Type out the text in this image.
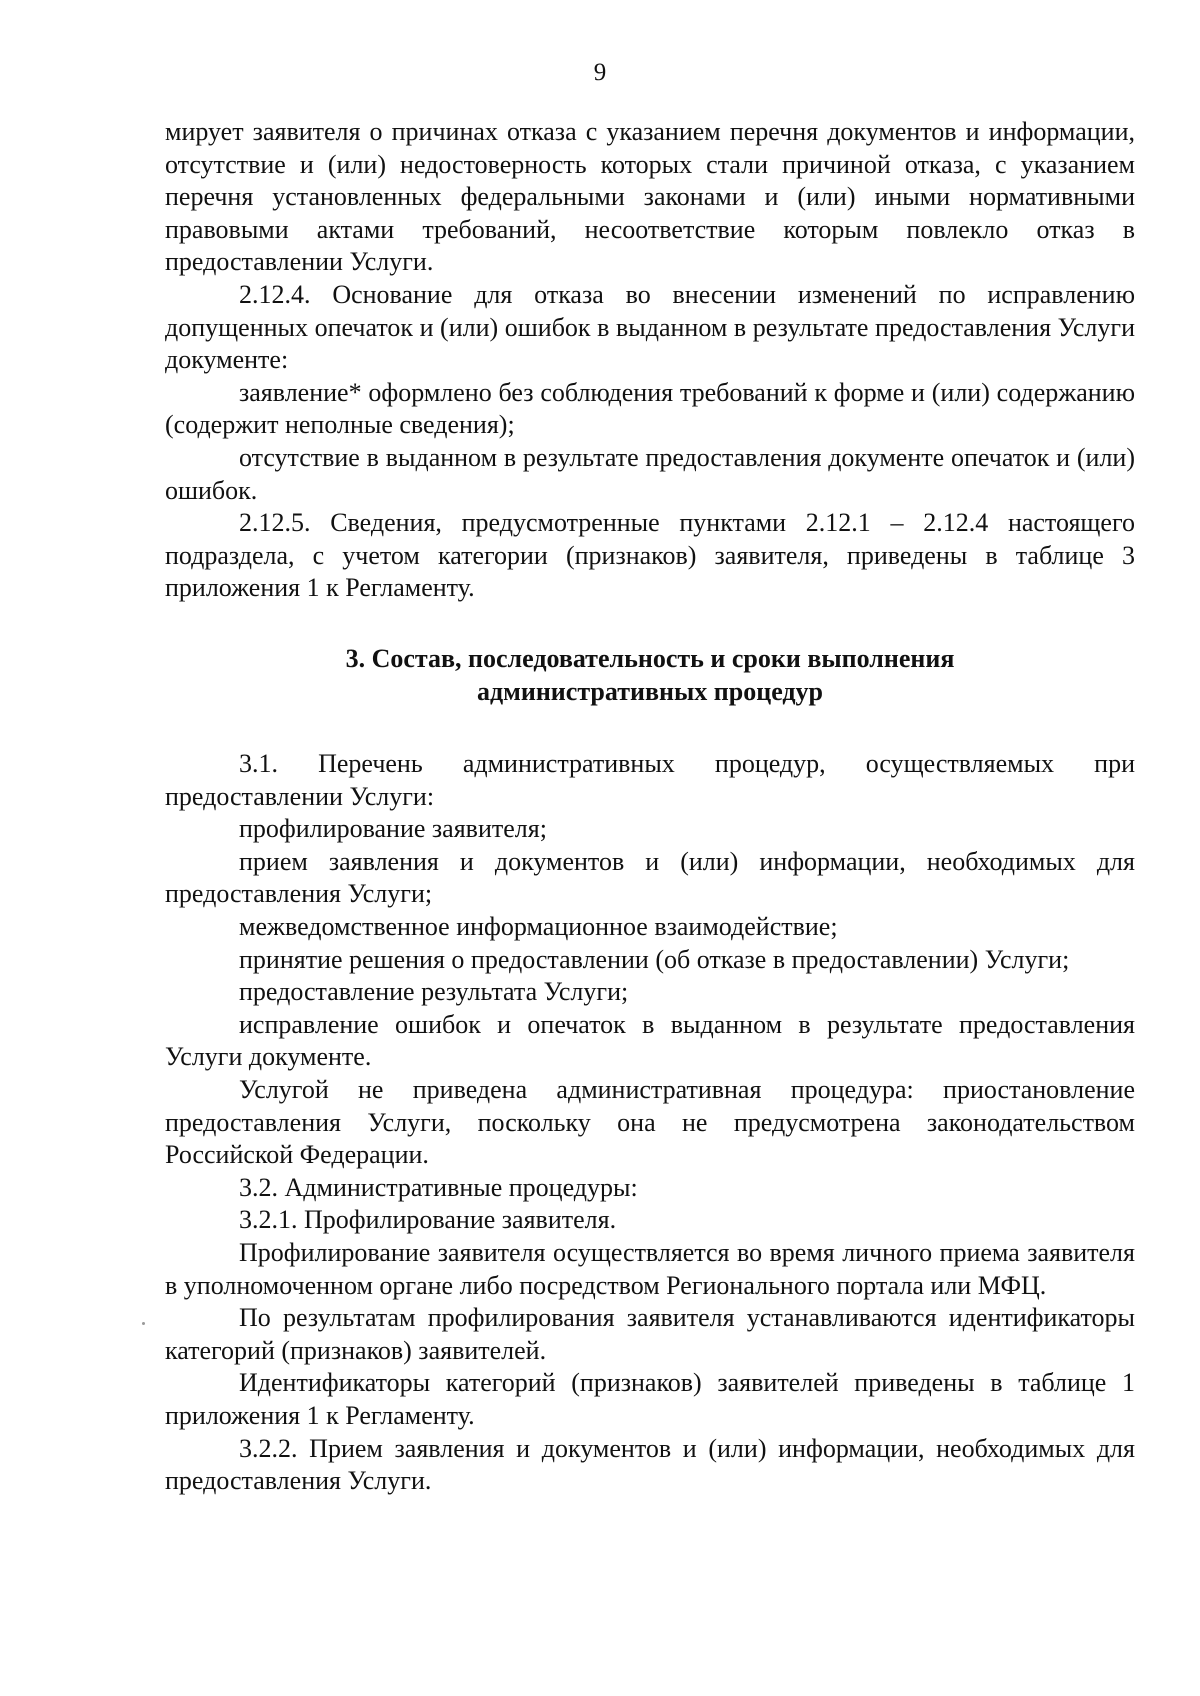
9

мирует заявителя о причинах отказа с указанием перечня документов и информации, отсутствие и (или) недостоверность которых стали причиной отказа, с указанием перечня установленных федеральными законами и (или) иными нормативными правовыми актами требований, несоответствие которым повлекло отказ в предоставлении Услуги.

2.12.4. Основание для отказа во внесении изменений по исправлению допущенных опечаток и (или) ошибок в выданном в результате предоставления Услуги документе:

заявление* оформлено без соблюдения требований к форме и (или) содержанию (содержит неполные сведения);

отсутствие в выданном в результате предоставления документе опечаток и (или) ошибок.

2.12.5. Сведения, предусмотренные пунктами 2.12.1 – 2.12.4 настоящего подраздела, с учетом категории (признаков) заявителя, приведены в таблице 3 приложения 1 к Регламенту.

3. Состав, последовательность и сроки выполнения
административных процедур

3.1. Перечень административных процедур, осуществляемых при предоставлении Услуги:

профилирование заявителя;

прием заявления и документов и (или) информации, необходимых для предоставления Услуги;

межведомственное информационное взаимодействие;

принятие решения о предоставлении (об отказе в предоставлении) Услуги;

предоставление результата Услуги;

исправление ошибок и опечаток в выданном в результате предоставления Услуги документе.

Услугой не приведена административная процедура: приостановление предоставления Услуги, поскольку она не предусмотрена законодательством Российской Федерации.

3.2. Административные процедуры:

3.2.1. Профилирование заявителя.

Профилирование заявителя осуществляется во время личного приема заявителя в уполномоченном органе либо посредством Регионального портала или МФЦ.

По результатам профилирования заявителя устанавливаются идентификаторы категорий (признаков) заявителей.

Идентификаторы категорий (признаков) заявителей приведены в таблице 1 приложения 1 к Регламенту.

3.2.2. Прием заявления и документов и (или) информации, необходимых для предоставления Услуги.
